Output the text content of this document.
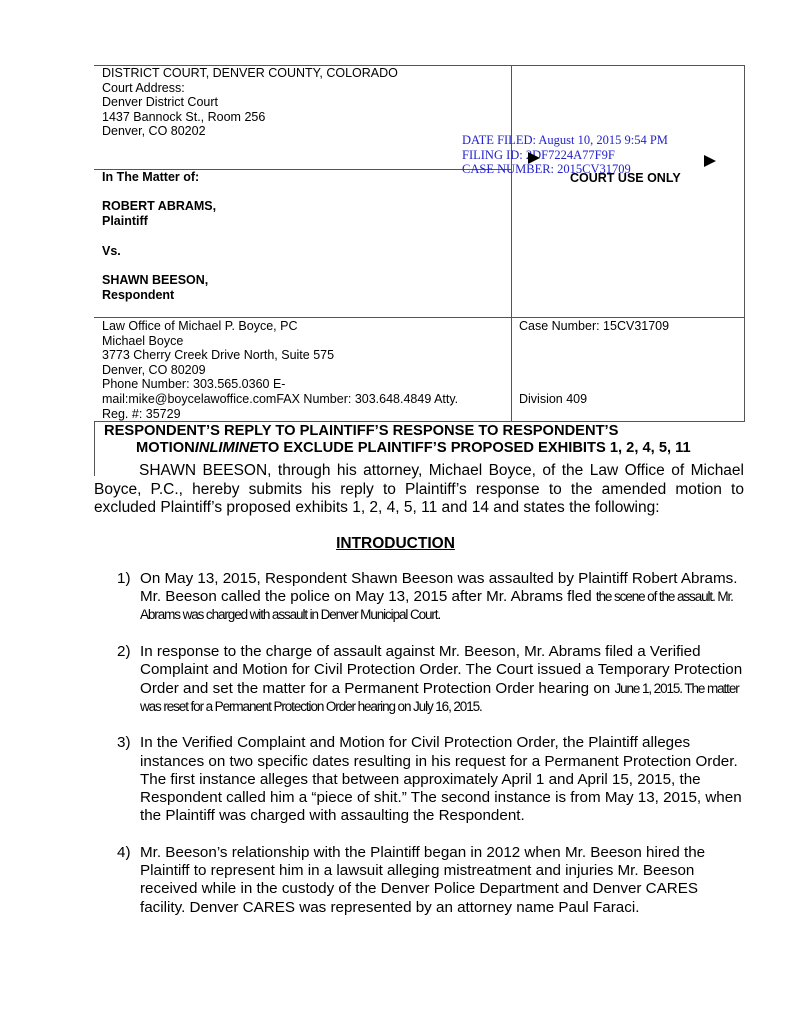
DISTRICT COURT, DENVER COUNTY, COLORADO
Court Address:
Denver District Court
1437 Bannock St., Room 256
Denver, CO 80202
In The Matter of:
ROBERT ABRAMS,
Plaintiff
Vs.
SHAWN BEESON,
Respondent
COURT USE ONLY
DATE FILED: August 10, 2015 9:54 PM
FILING ID: 2DF7224A77F9F
CASE NUMBER: 2015CV31709
Law Office of Michael P. Boyce, PC
Michael Boyce
3773 Cherry Creek Drive North, Suite 575
Denver, CO 80209
Phone Number: 303.565.0360 E-
mail:mike@boycelawoffice.comFAX Number: 303.648.4849 Atty.
Reg. #: 35729
Case Number: 15CV31709
Division 409
RESPONDENT’S REPLY TO PLAINTIFF’S RESPONSE TO RESPONDENT’S
MOTIONINLIMINETO EXCLUDE PLAINTIFF’S PROPOSED EXHIBITS 1, 2, 4, 5, 11
SHAWN BEESON, through his attorney, Michael Boyce, of the Law Office of Michael Boyce, P.C., hereby submits his reply to Plaintiff’s response to the amended motion to excluded Plaintiff’s proposed exhibits 1, 2, 4, 5, 11 and 14 and states the following:
INTRODUCTION
1) On May 13, 2015, Respondent Shawn Beeson was assaulted by Plaintiff Robert Abrams. Mr. Beeson called the police on May 13, 2015 after Mr. Abrams fled the scene of the assault. Mr. Abrams was charged with assault in Denver Municipal Court.
2) In response to the charge of assault against Mr. Beeson, Mr. Abrams filed a Verified Complaint and Motion for Civil Protection Order. The Court issued a Temporary Protection Order and set the matter for a Permanent Protection Order hearing on June 1, 2015. The matter was reset for a Permanent Protection Order hearing on July 16, 2015.
3) In the Verified Complaint and Motion for Civil Protection Order, the Plaintiff alleges instances on two specific dates resulting in his request for a Permanent Protection Order. The first instance alleges that between approximately April 1 and April 15, 2015, the Respondent called him a “piece of shit.” The second instance is from May 13, 2015, when the Plaintiff was charged with assaulting the Respondent.
4) Mr. Beeson’s relationship with the Plaintiff began in 2012 when Mr. Beeson hired the Plaintiff to represent him in a lawsuit alleging mistreatment and injuries Mr. Beeson received while in the custody of the Denver Police Department and Denver CARES facility. Denver CARES was represented by an attorney name Paul Faraci.
